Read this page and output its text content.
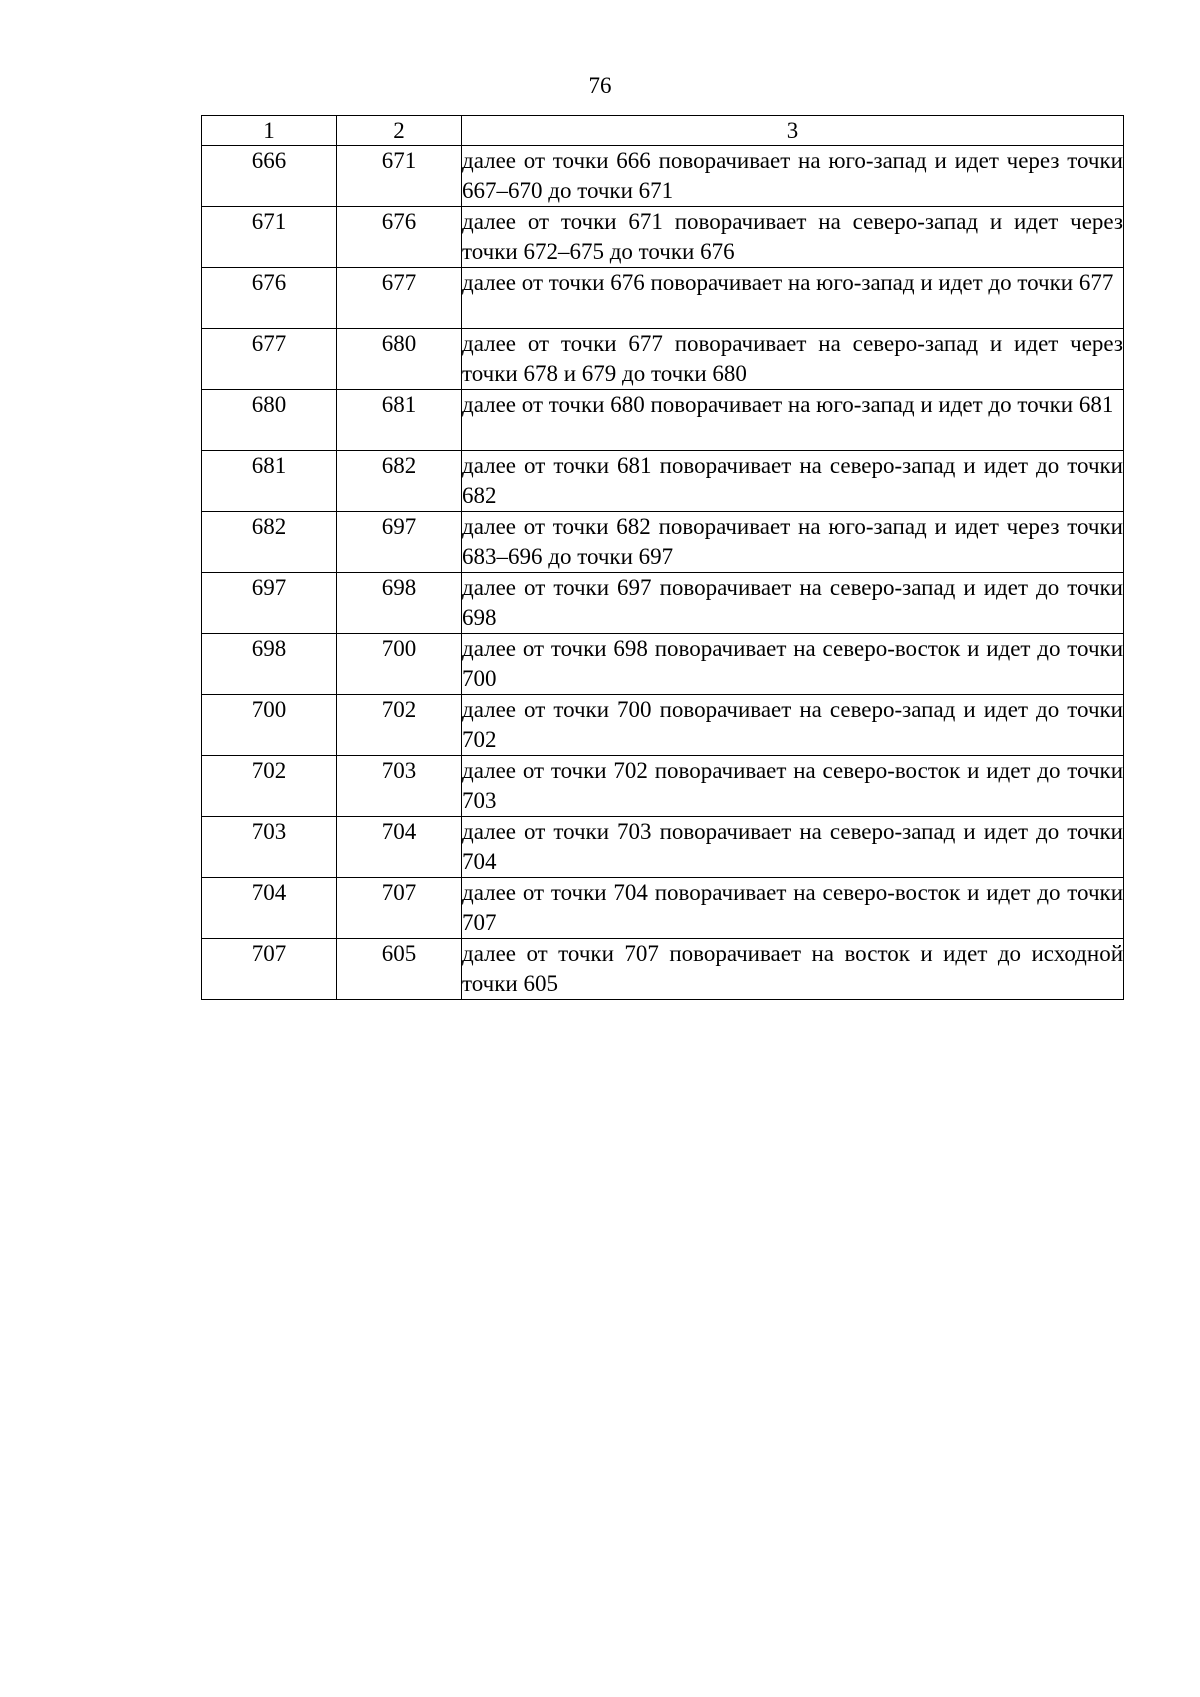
76
1	2	3
666	671	далее от точки 666 поворачивает на юго-запад и идет через точки 667–670 до точки 671
671	676	далее от точки 671 поворачивает на северо-запад и идет через точки 672–675 до точки 676
676	677	далее от точки 676 поворачивает на юго-запад и идет до точки 677
677	680	далее от точки 677 поворачивает на северо-запад и идет через точки 678 и 679 до точки 680
680	681	далее от точки 680 поворачивает на юго-запад и идет до точки 681
681	682	далее от точки 681 поворачивает на северо-запад и идет до точки 682
682	697	далее от точки 682 поворачивает на юго-запад и идет через точки 683–696 до точки 697
697	698	далее от точки 697 поворачивает на северо-запад и идет до точки 698
698	700	далее от точки 698 поворачивает на северо-восток и идет до точки 700
700	702	далее от точки 700 поворачивает на северо-запад и идет до точки 702
702	703	далее от точки 702 поворачивает на северо-восток и идет до точки 703
703	704	далее от точки 703 поворачивает на северо-запад и идет до точки 704
704	707	далее от точки 704 поворачивает на северо-восток и идет до точки 707
707	605	далее от точки 707 поворачивает на восток и идет до исходной точки 605
